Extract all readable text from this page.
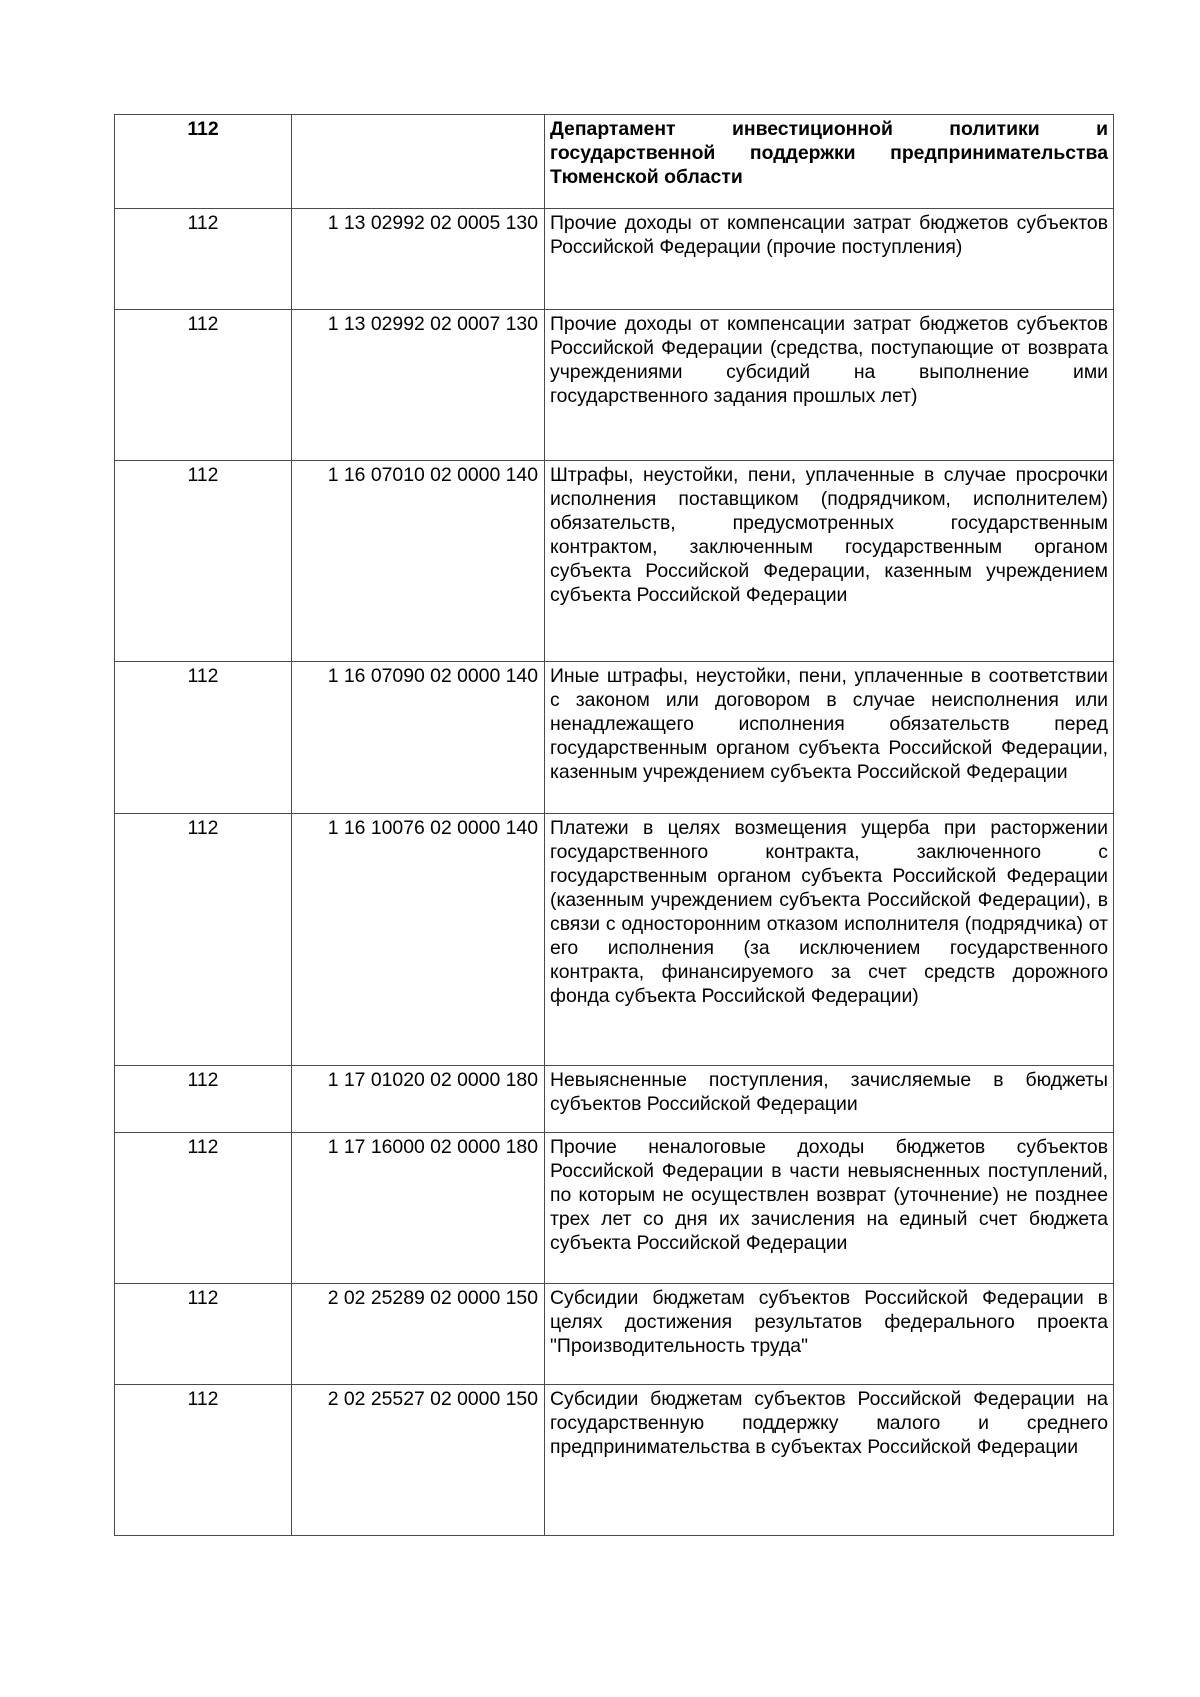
112		Департамент инвестиционной политики и государственной поддержки предпринимательства Тюменской области
112	1 13 02992 02 0005 130	Прочие доходы от компенсации затрат бюджетов субъектов Российской Федерации (прочие поступления)
112	1 13 02992 02 0007 130	Прочие доходы от компенсации затрат бюджетов субъектов Российской Федерации (средства, поступающие от возврата учреждениями субсидий на выполнение ими государственного задания прошлых лет)
112	1 16 07010 02 0000 140	Штрафы, неустойки, пени, уплаченные в случае просрочки исполнения поставщиком (подрядчиком, исполнителем) обязательств, предусмотренных государственным контрактом, заключенным государственным органом субъекта Российской Федерации, казенным учреждением субъекта Российской Федерации
112	1 16 07090 02 0000 140	Иные штрафы, неустойки, пени, уплаченные в соответствии с законом или договором в случае неисполнения или ненадлежащего исполнения обязательств перед государственным органом субъекта Российской Федерации, казенным учреждением субъекта Российской Федерации
112	1 16 10076 02 0000 140	Платежи в целях возмещения ущерба при расторжении государственного контракта, заключенного с государственным органом субъекта Российской Федерации (казенным учреждением субъекта Российской Федерации), в связи с односторонним отказом исполнителя (подрядчика) от его исполнения (за исключением государственного контракта, финансируемого за счет средств дорожного фонда субъекта Российской Федерации)
112	1 17 01020 02 0000 180	Невыясненные поступления, зачисляемые в бюджеты субъектов Российской Федерации
112	1 17 16000 02 0000 180	Прочие неналоговые доходы бюджетов субъектов Российской Федерации в части невыясненных поступлений, по которым не осуществлен возврат (уточнение) не позднее трех лет со дня их зачисления на единый счет бюджета субъекта Российской Федерации
112	2 02 25289 02 0000 150	Субсидии бюджетам субъектов Российской Федерации в целях достижения результатов федерального проекта "Производительность труда"
112	2 02 25527 02 0000 150	Субсидии бюджетам субъектов Российской Федерации на государственную поддержку малого и среднего предпринимательства в субъектах Российской Федерации
